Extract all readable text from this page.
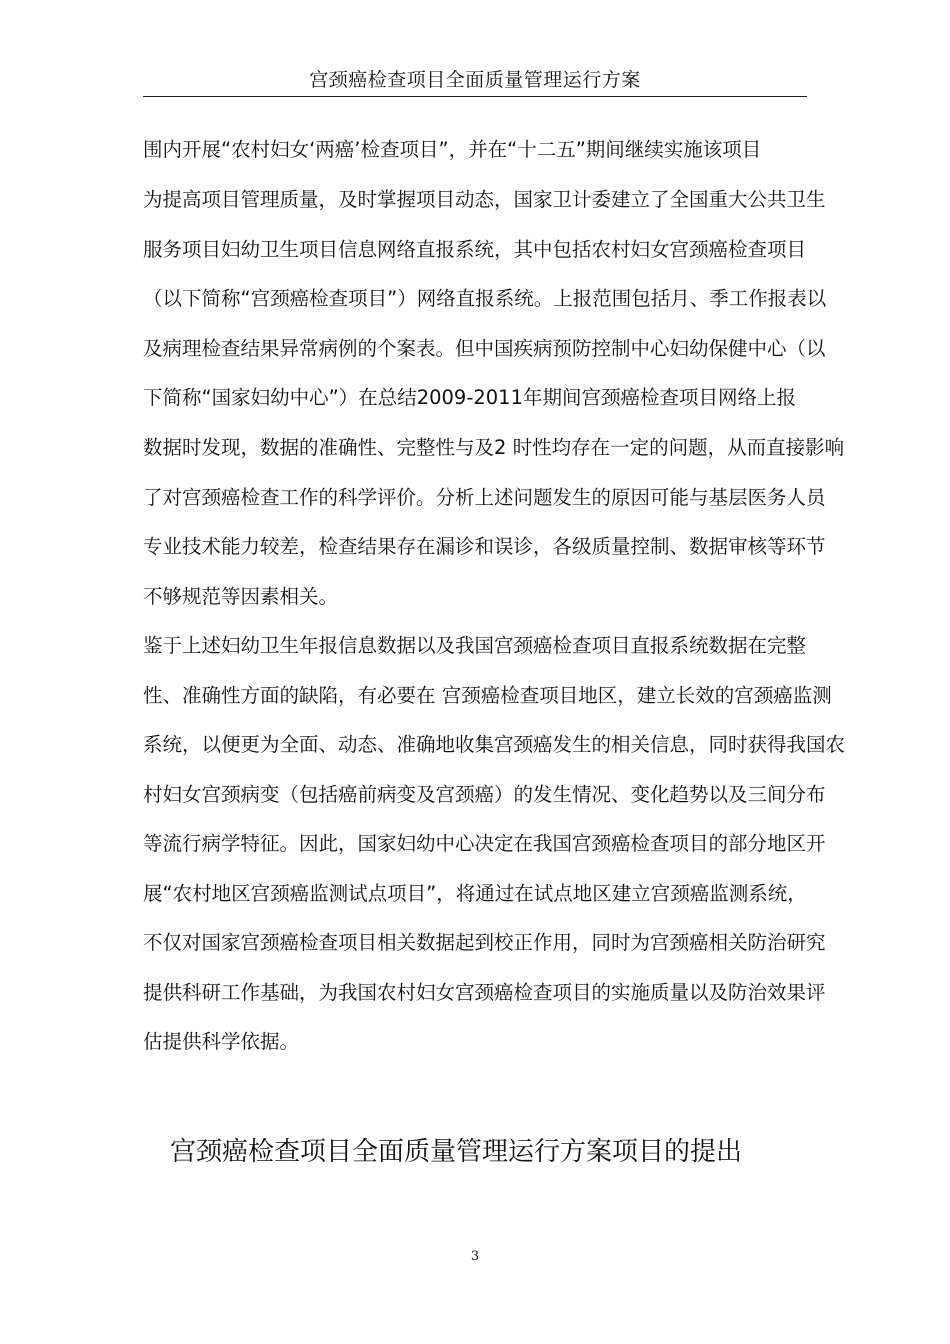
宫颈癌检查项目全面质量管理运行方案
围内开展“农村妇女‘两癌’检查项目”，并在“十二五”期间继续实施该项目
为提高项目管理质量，及时掌握项目动态，国家卫计委建立了全国重大公共卫生
服务项目妇幼卫生项目信息网络直报系统，其中包括农村妇女宫颈癌检查项目
（以下简称“宫颈癌检查项目”）网络直报系统。上报范围包括月、季工作报表以
及病理检查结果异常病例的个案表。但中国疾病预防控制中心妇幼保健中心（以
下简称“国家妇幼中心”）在总结2009-2011年期间宫颈癌检查项目网络上报
数据时发现，数据的准确性、完整性与及2 时性均存在一定的问题，从而直接影响
了对宫颈癌检查工作的科学评价。分析上述问题发生的原因可能与基层医务人员
专业技术能力较差，检查结果存在漏诊和误诊，各级质量控制、数据审核等环节
不够规范等因素相关。
鉴于上述妇幼卫生年报信息数据以及我国宫颈癌检查项目直报系统数据在完整
性、准确性方面的缺陷，有必要在 宫颈癌检查项目地区，建立长效的宫颈癌监测
系统，以便更为全面、动态、准确地收集宫颈癌发生的相关信息，同时获得我国农
村妇女宫颈病变（包括癌前病变及宫颈癌）的发生情况、变化趋势以及三间分布
等流行病学特征。因此，国家妇幼中心决定在我国宫颈癌检查项目的部分地区开
展“农村地区宫颈癌监测试点项目”，将通过在试点地区建立宫颈癌监测系统，
不仅对国家宫颈癌检查项目相关数据起到校正作用，同时为宫颈癌相关防治研究
提供科研工作基础，为我国农村妇女宫颈癌检查项目的实施质量以及防治效果评
估提供科学依据。
宫颈癌检查项目全面质量管理运行方案项目的提出
3
